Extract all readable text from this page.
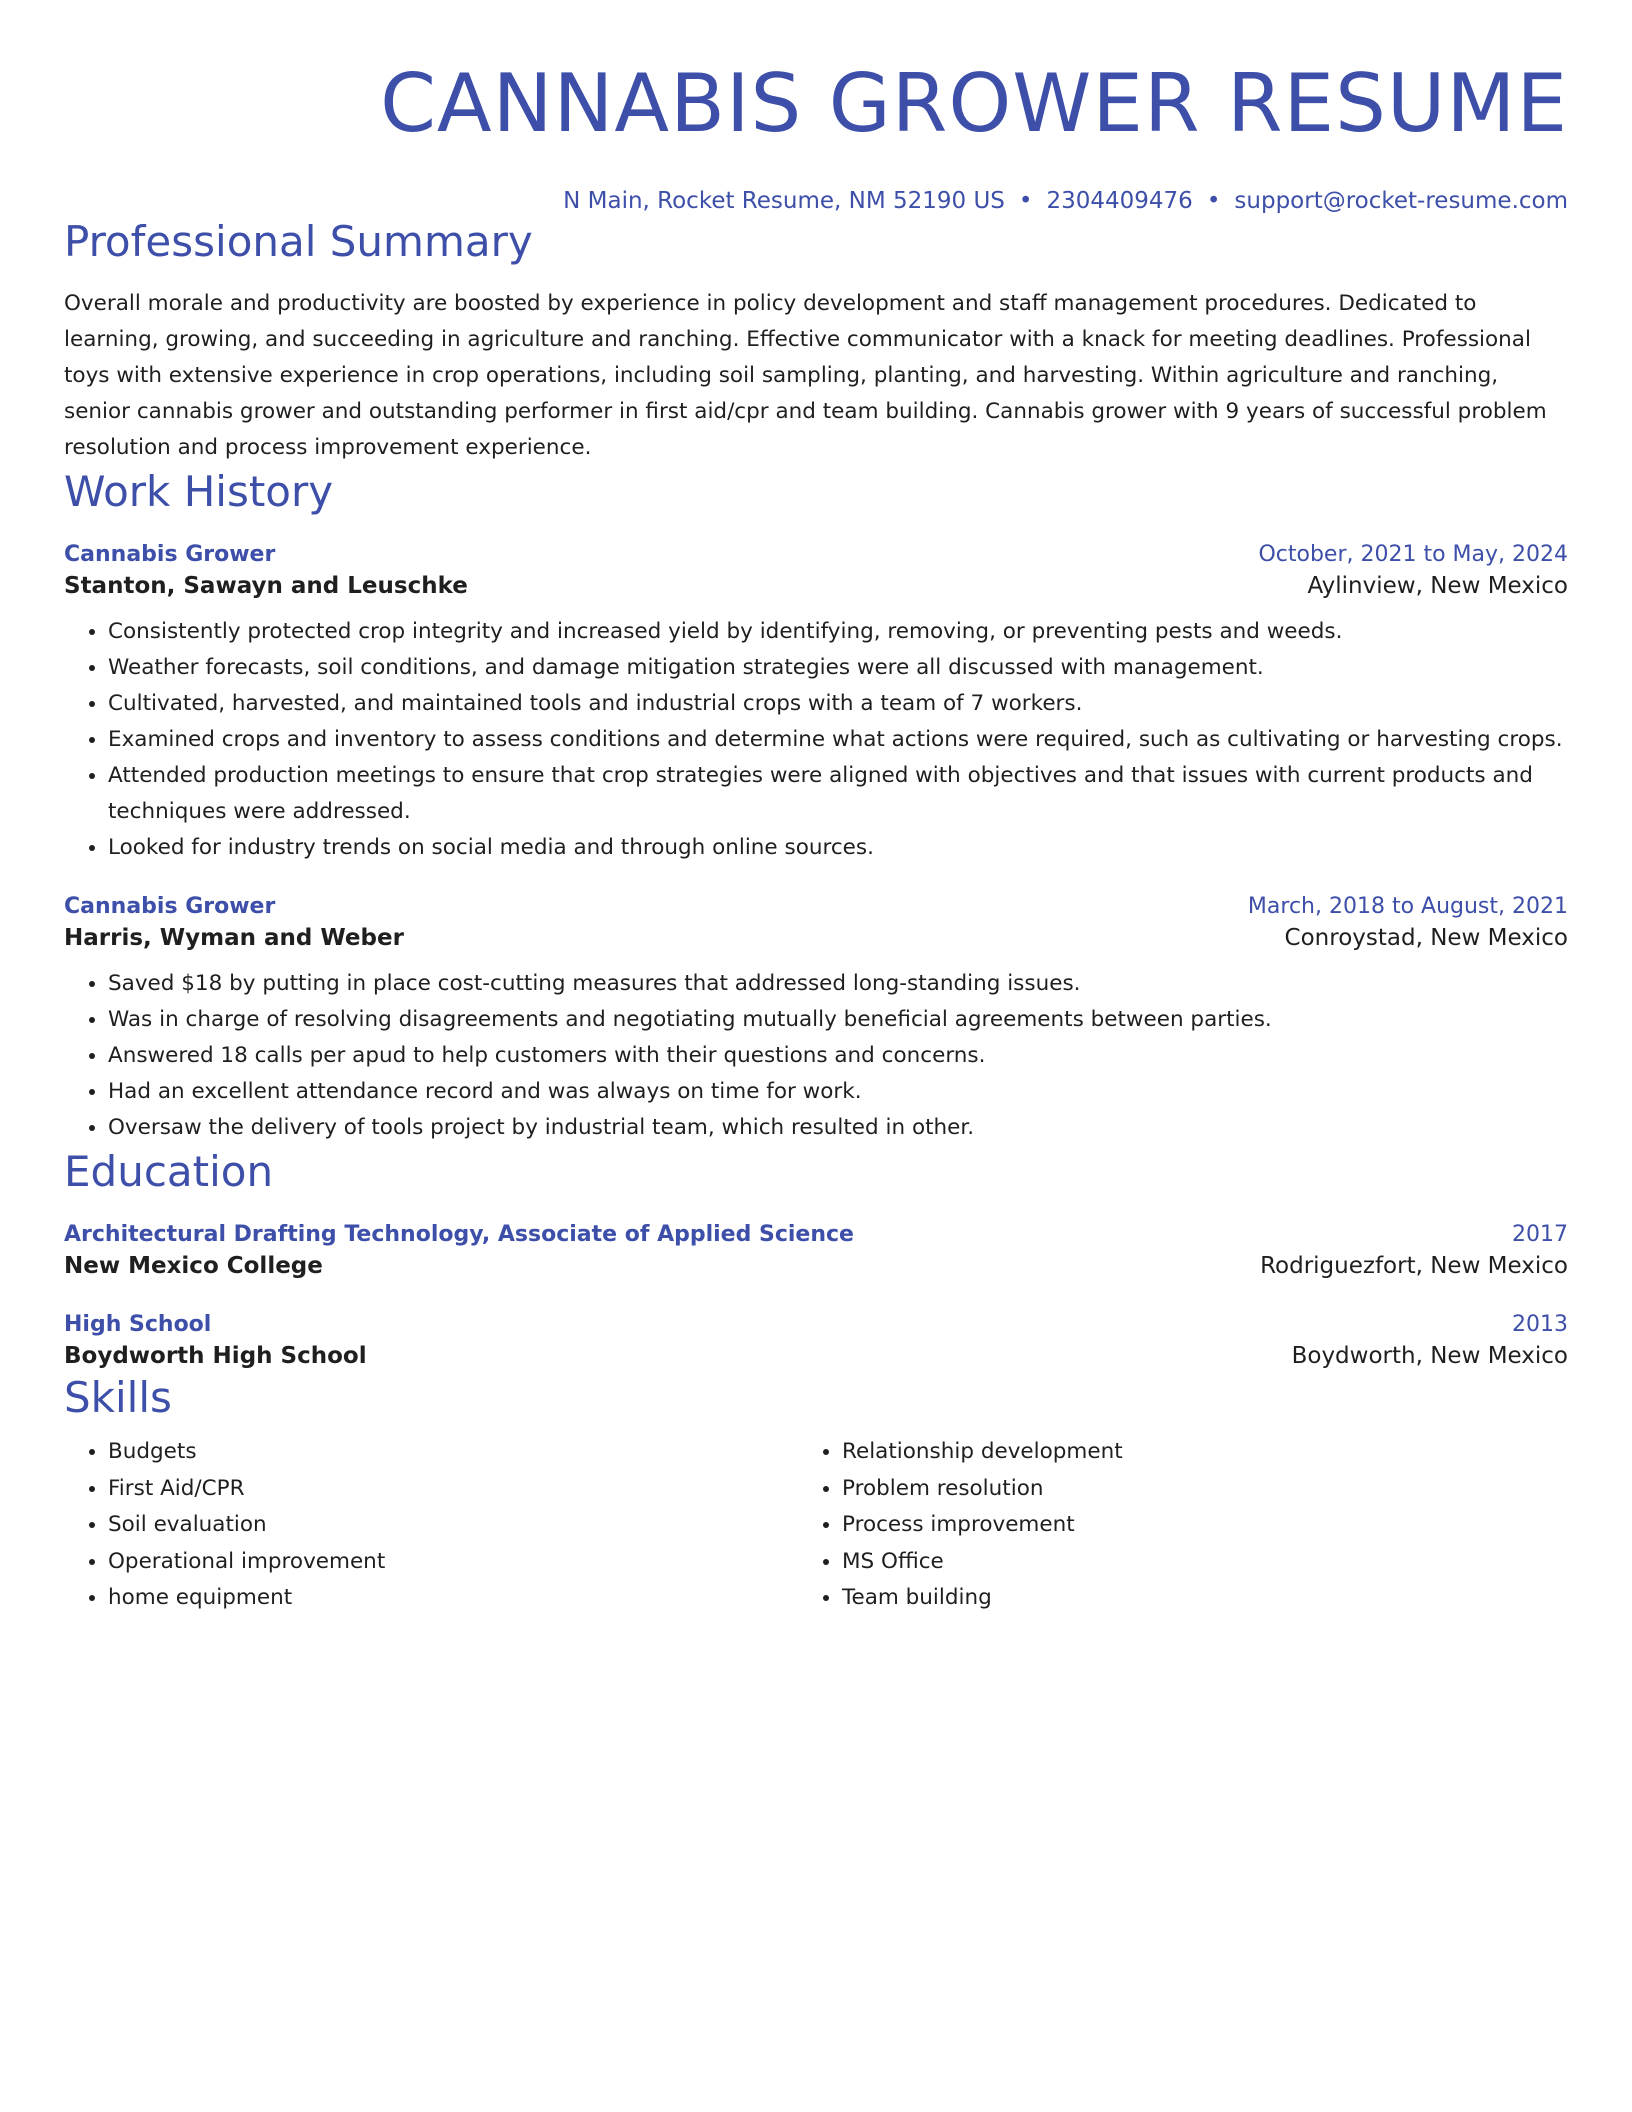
CANNABIS GROWER RESUME
N Main, Rocket Resume, NM 52190 US • 2304409476 • support@rocket-resume.com
Professional Summary

Overall morale and productivity are boosted by experience in policy development and staff management procedures. Dedicated to learning, growing, and succeeding in agriculture and ranching. Effective communicator with a knack for meeting deadlines. Professional toys with extensive experience in crop operations, including soil sampling, planting, and harvesting. Within agriculture and ranching, senior cannabis grower and outstanding performer in first aid/cpr and team building. Cannabis grower with 9 years of successful problem resolution and process improvement experience.

Work History
Cannabis Grower	October, 2021 to May, 2024
Stanton, Sawayn and Leuschke	Aylinview, New Mexico
• Consistently protected crop integrity and increased yield by identifying, removing, or preventing pests and weeds.
• Weather forecasts, soil conditions, and damage mitigation strategies were all discussed with management.
• Cultivated, harvested, and maintained tools and industrial crops with a team of 7 workers.
• Examined crops and inventory to assess conditions and determine what actions were required, such as cultivating or harvesting crops.
• Attended production meetings to ensure that crop strategies were aligned with objectives and that issues with current products and techniques were addressed.
• Looked for industry trends on social media and through online sources.
Cannabis Grower	March, 2018 to August, 2021
Harris, Wyman and Weber	Conroystad, New Mexico
• Saved $18 by putting in place cost-cutting measures that addressed long-standing issues.
• Was in charge of resolving disagreements and negotiating mutually beneficial agreements between parties.
• Answered 18 calls per apud to help customers with their questions and concerns.
• Had an excellent attendance record and was always on time for work.
• Oversaw the delivery of tools project by industrial team, which resulted in other.
Education
Architectural Drafting Technology, Associate of Applied Science	2017
New Mexico College	Rodriguezfort, New Mexico
High School	2013
Boydworth High School	Boydworth, New Mexico
Skills
• Budgets
• First Aid/CPR
• Soil evaluation
• Operational improvement
• home equipment
• Relationship development
• Problem resolution
• Process improvement
• MS Office
• Team building
